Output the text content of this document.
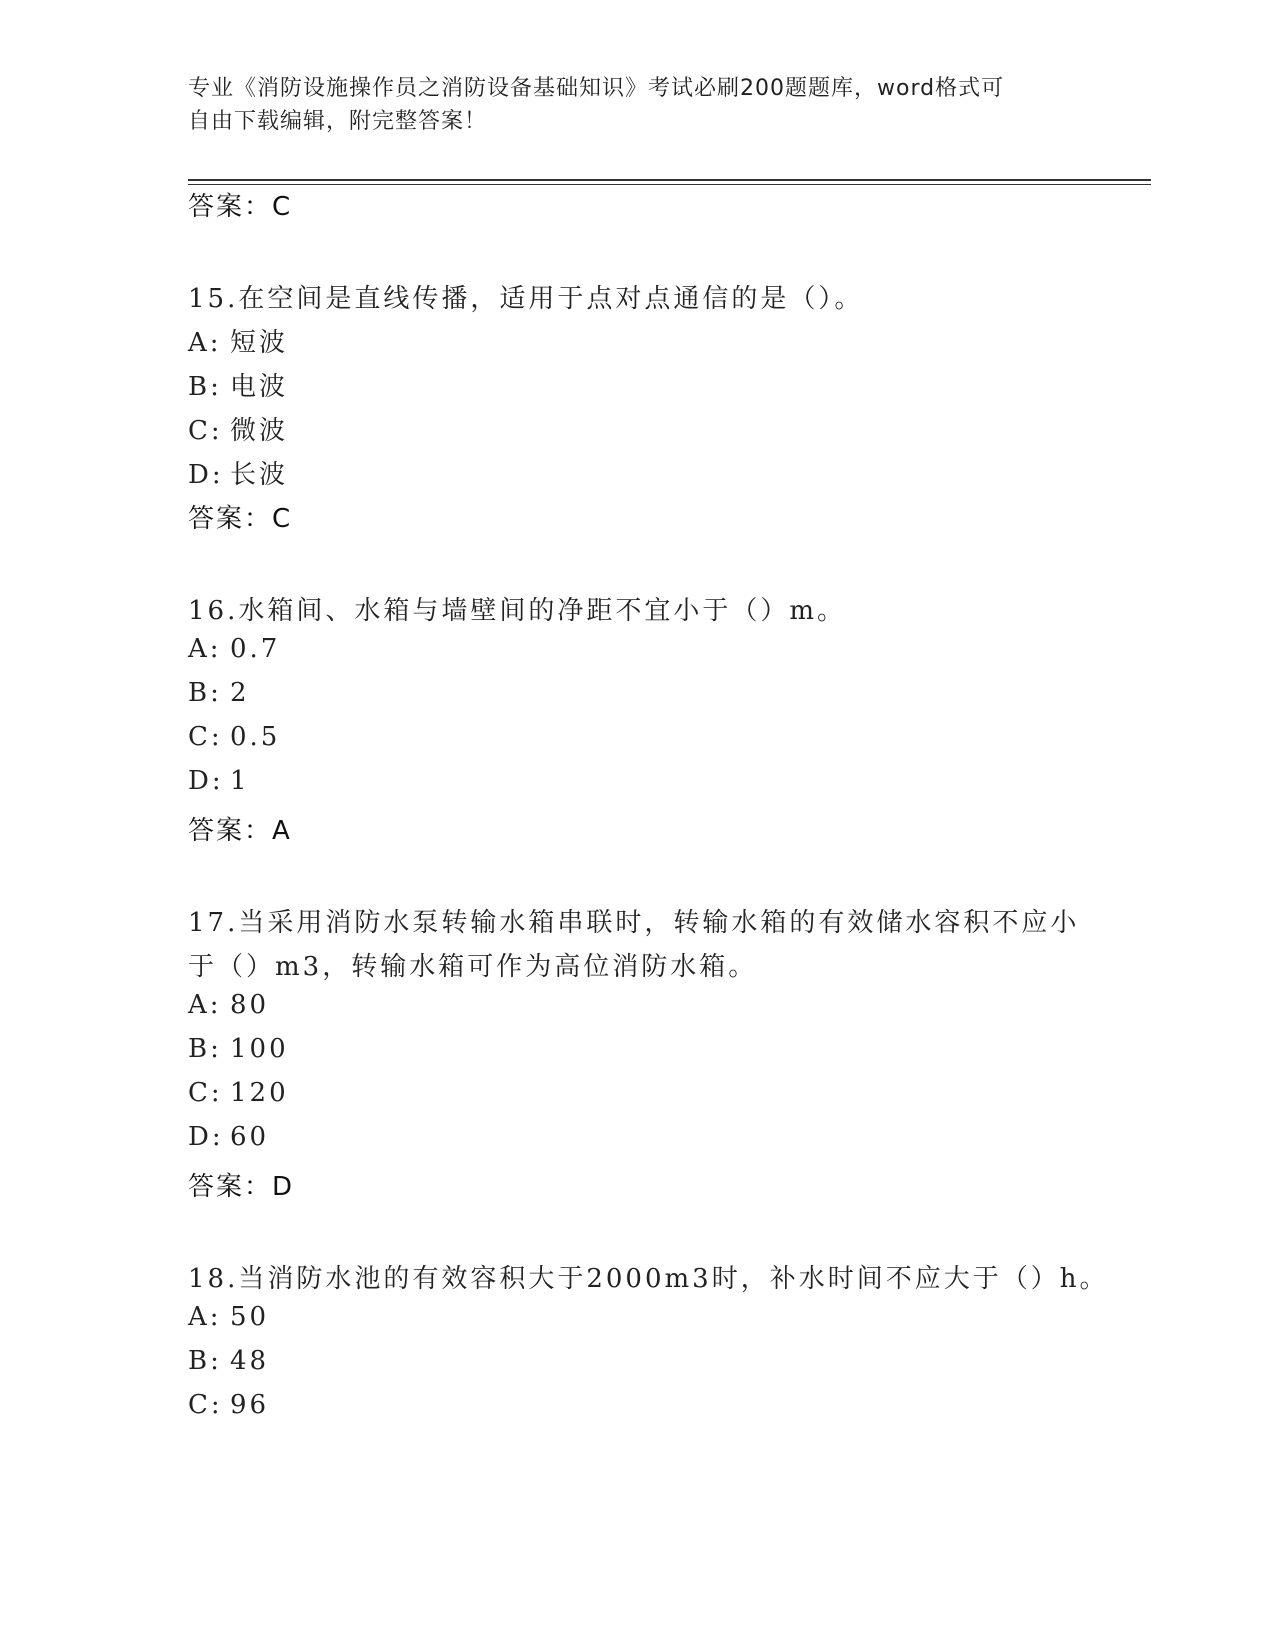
专业《消防设施操作员之消防设备基础知识》考试必刷200题题库，word格式可
自由下载编辑，附完整答案！
答案：C
15.在空间是直线传播，适用于点对点通信的是（）。
A: 短波
B: 电波
C: 微波
D: 长波
答案：C
16.水箱间、水箱与墙壁间的净距不宜小于（）m。
A: 0.7
B: 2
C: 0.5
D: 1
答案：A
17.当采用消防水泵转输水箱串联时，转输水箱的有效储水容积不应小
于（）m3，转输水箱可作为高位消防水箱。
A: 80
B: 100
C: 120
D: 60
答案：D
18.当消防水池的有效容积大于2000m3时，补水时间不应大于（）h。
A: 50
B: 48
C: 96
